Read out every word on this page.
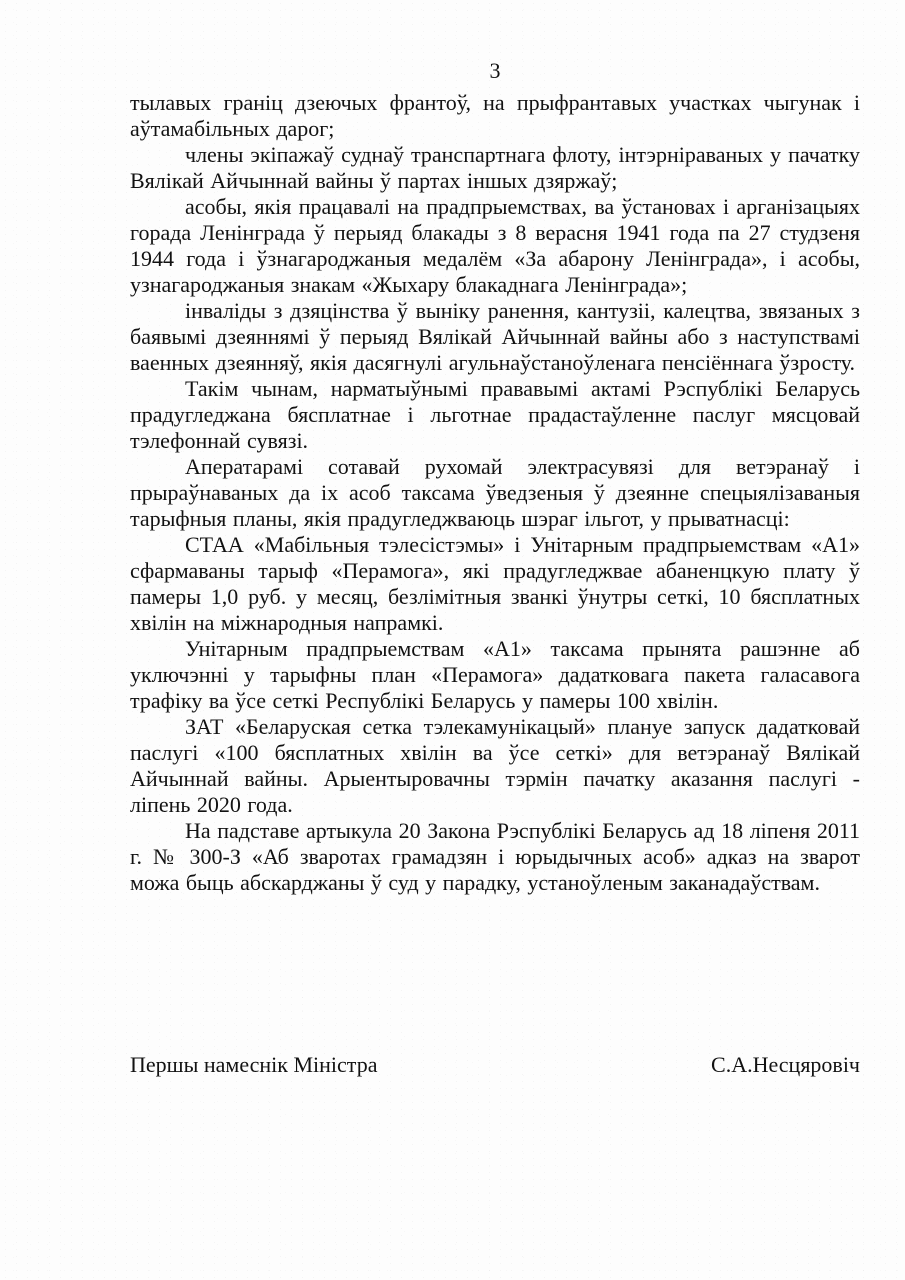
3

тылавых граніц дзеючых франтоў, на прыфрантавых участках чыгунак і аўтамабільных дарог;

члены экіпажаў суднаў транспартнага флоту, інтэрніраваных у пачатку Вялікай Айчыннай вайны ў партах іншых дзяржаў;

асобы, якія працавалі на прадпрыемствах, ва ўстановах і арганізацыях горада Ленінграда ў перыяд блакады з 8 верасня 1941 года па 27 студзеня 1944 года і ўзнагароджаныя медалём «За абарону Ленінграда», і асобы, узнагароджаныя знакам «Жыхару блакаднага Ленінграда»;

інваліды з дзяцінства ў выніку ранення, кантузіі, калецтва, звязаных з баявымі дзеяннямі ў перыяд Вялікай Айчыннай вайны або з наступствамі ваенных дзеянняў, якія дасягнулі агульнаўстаноўленага пенсіённага ўзросту.

Такім чынам, нарматыўнымі прававымі актамі Рэспублікі Беларусь прадугледжана бясплатнае і льготнае прадастаўленне паслуг мясцовай тэлефоннай сувязі.

Аператарамі сотавай рухомай электрасувязі для ветэранаў і прыраўнаваных да іх асоб таксама ўведзеныя ў дзеянне спецыялізаваныя тарыфныя планы, якія прадугледжваюць шэраг ільгот, у прыватнасці:

СТАА «Мабільныя тэлесістэмы» і Унітарным прадпрыемствам «А1» сфармаваны тарыф «Перамога», які прадугледжвае абаненцкую плату ў памеры 1,0 руб. у месяц, безлімітныя званкі ўнутры сеткі, 10 бясплатных хвілін на міжнародныя напрамкі.

Унітарным прадпрыемствам «А1» таксама прынята рашэнне аб уключэнні у тарыфны план «Перамога» дадатковага пакета галасавога трафіку ва ўсе сеткі Республікі Беларусь у памеры 100 хвілін.

ЗАТ «Беларуская сетка тэлекамунікацый» плануе запуск дадатковай паслугі «100 бясплатных хвілін ва ўсе сеткі» для ветэранаў Вялікай Айчыннай вайны. Арыентыровачны тэрмін пачатку аказання паслугі - ліпень 2020 года.

На падставе артыкула 20 Закона Рэспублікі Беларусь ад 18 ліпеня 2011 г. № 300-З «Аб зваротах грамадзян і юрыдычных асоб» адказ на зварот можа быць абскарджаны ў суд у парадку, устаноўленым заканадаўствам.

Першы намеснік Міністра	С.А.Несцяровіч
